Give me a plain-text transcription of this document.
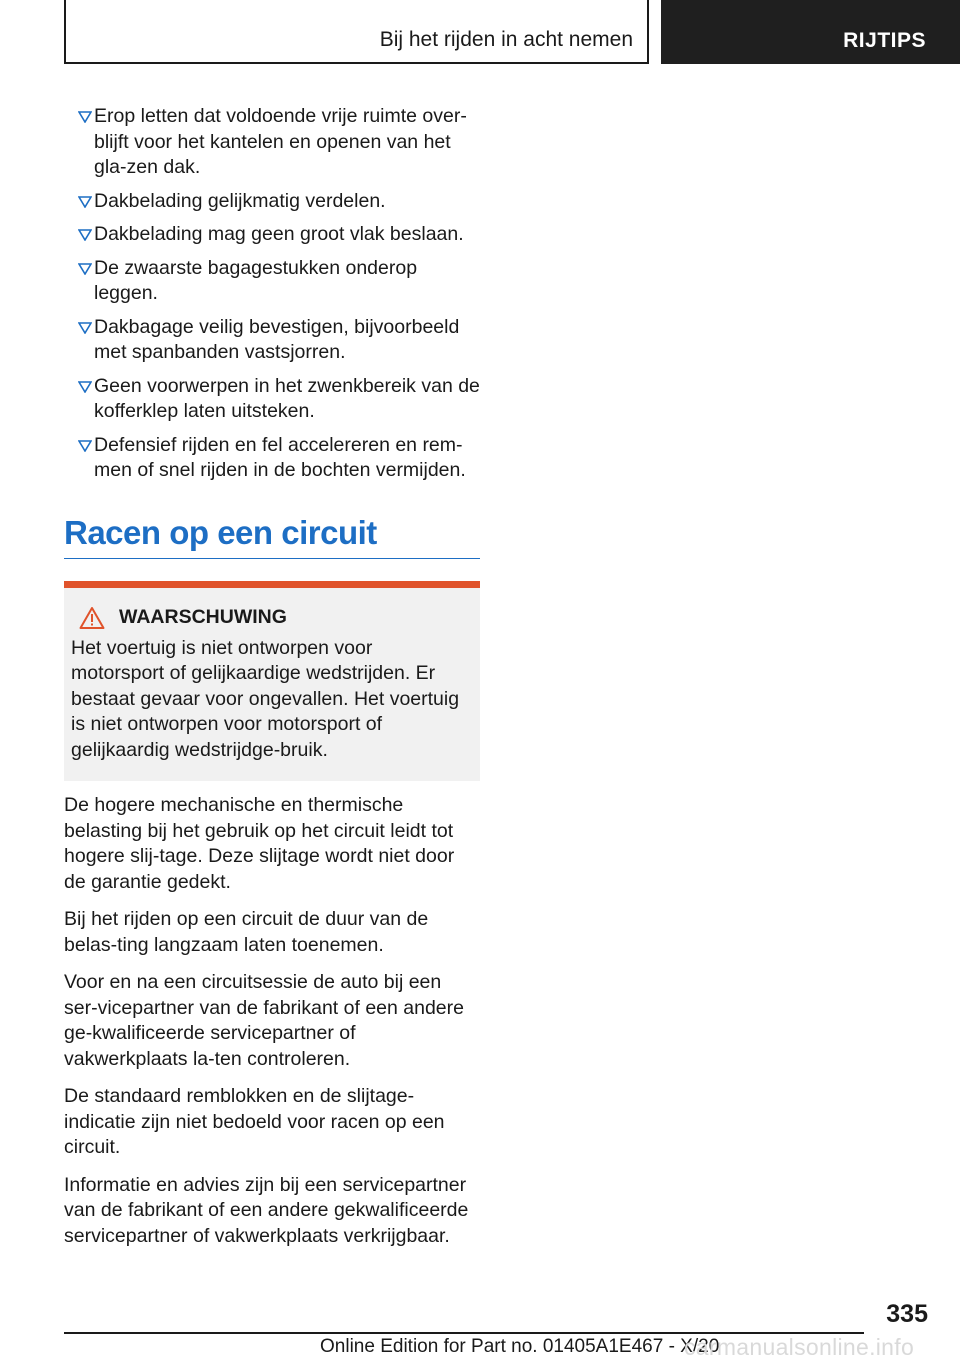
Bij het rijden in acht nemen	RIJTIPS
Erop letten dat voldoende vrije ruimte over-blijft voor het kantelen en openen van het gla-zen dak.
Dakbelading gelijkmatig verdelen.
Dakbelading mag geen groot vlak beslaan.
De zwaarste bagagestukken onderop leggen.
Dakbagage veilig bevestigen, bijvoorbeeld met spanbanden vastsjorren.
Geen voorwerpen in het zwenkbereik van de kofferklep laten uitsteken.
Defensief rijden en fel accelereren en rem-men of snel rijden in de bochten vermijden.
Racen op een circuit
WAARSCHUWING
Het voertuig is niet ontworpen voor motorsport of gelijkaardige wedstrijden. Er bestaat gevaar voor ongevallen. Het voertuig is niet ontworpen voor motorsport of gelijkaardig wedstrijdge-bruik.

De hogere mechanische en thermische belasting bij het gebruik op het circuit leidt tot hogere slij-tage. Deze slijtage wordt niet door de garantie gedekt.

Bij het rijden op een circuit de duur van de belas-ting langzaam laten toenemen.

Voor en na een circuitsessie de auto bij een ser-vicepartner van de fabrikant of een andere ge-kwalificeerde servicepartner of vakwerkplaats la-ten controleren.

De standaard remblokken en de slijtage-indicatie zijn niet bedoeld voor racen op een circuit.

Informatie en advies zijn bij een servicepartner van de fabrikant of een andere gekwalificeerde servicepartner of vakwerkplaats verkrijgbaar.

335
Online Edition for Part no. 01405A1E467 - X/20
carmanualsonline.info
